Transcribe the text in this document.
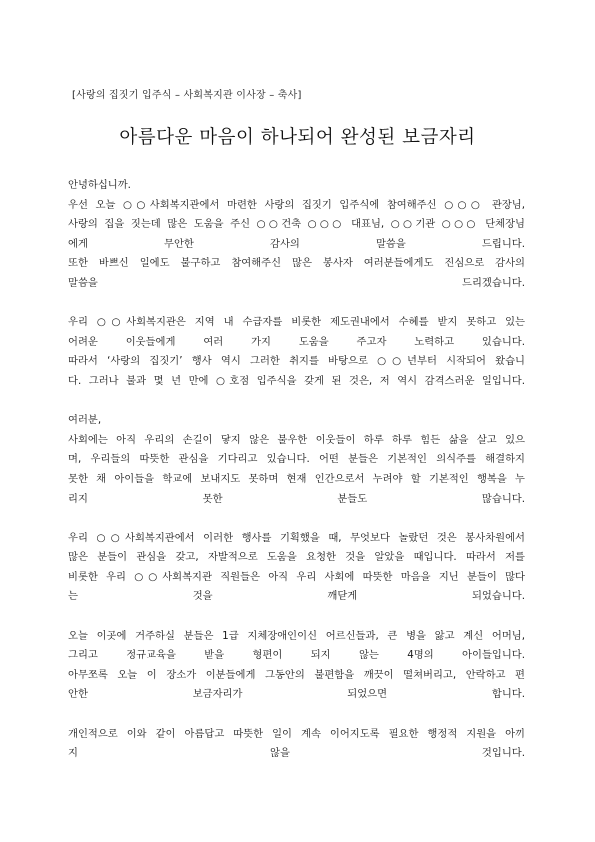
[사랑의 집짓기 입주식 – 사회복지관 이사장 – 축사]
아름다운 마음이 하나되어 완성된 보금자리
안녕하십니까.
우선 오늘 ○○사회복지관에서 마련한 사랑의 집짓기 입주식에 참여해주신 ○○○ 관장님,
사랑의 집을 짓는데 많은 도움을 주신 ○○건축 ○○○ 대표님, ○○기관 ○○○ 단체장님
에게 무안한 감사의 말씀을 드립니다.
또한 바쁘신 일에도 불구하고 참여해주신 많은 봉사자 여러분들에게도 진심으로 감사의
말씀을 드리겠습니다.
우리 ○○사회복지관은 지역 내 수급자를 비롯한 제도권내에서 수혜를 받지 못하고 있는
어려운 이웃들에게 여러 가지 도움을 주고자 노력하고 있습니다.
따라서 ‘사랑의 집짓기’ 행사 역시 그러한 취지를 바탕으로 ○○년부터 시작되어 왔습니
다. 그러나 불과 몇 년 만에 ○호점 입주식을 갖게 된 것은, 저 역시 감격스러운 일입니다.
여러분,
사회에는 아직 우리의 손길이 닿지 않은 불우한 이웃들이 하루 하루 힘든 삶을 살고 있으
며, 우리들의 따뜻한 관심을 기다리고 있습니다. 어떤 분들은 기본적인 의식주를 해결하지
못한 채 아이들을 학교에 보내지도 못하며 현재 인간으로서 누려야 할 기본적인 행복을 누
리지 못한 분들도 많습니다.
우리 ○○사회복지관에서 이러한 행사를 기획했을 때, 무엇보다 놀랐던 것은 봉사차원에서
많은 분들이 관심을 갖고, 자발적으로 도움을 요청한 것을 알았을 때입니다. 따라서 저를
비롯한 우리 ○○사회복지관 직원들은 아직 우리 사회에 따뜻한 마음을 지닌 분들이 많다
는 것을 깨닫게 되었습니다.
오늘 이곳에 거주하실 분들은 1급 지체장애인이신 어르신들과, 큰 병을 앓고 계신 어머님,
그리고 정규교육을 받을 형편이 되지 않는 4명의 아이들입니다.
아무쪼록 오늘 이 장소가 이분들에게 그동안의 불편함을 깨끗이 떨쳐버리고, 안락하고 편
안한 보금자리가 되었으면 합니다.
개인적으로 이와 같이 아름답고 따뜻한 일이 계속 이어지도록 필요한 행정적 지원을 아끼
지 않을 것입니다.
